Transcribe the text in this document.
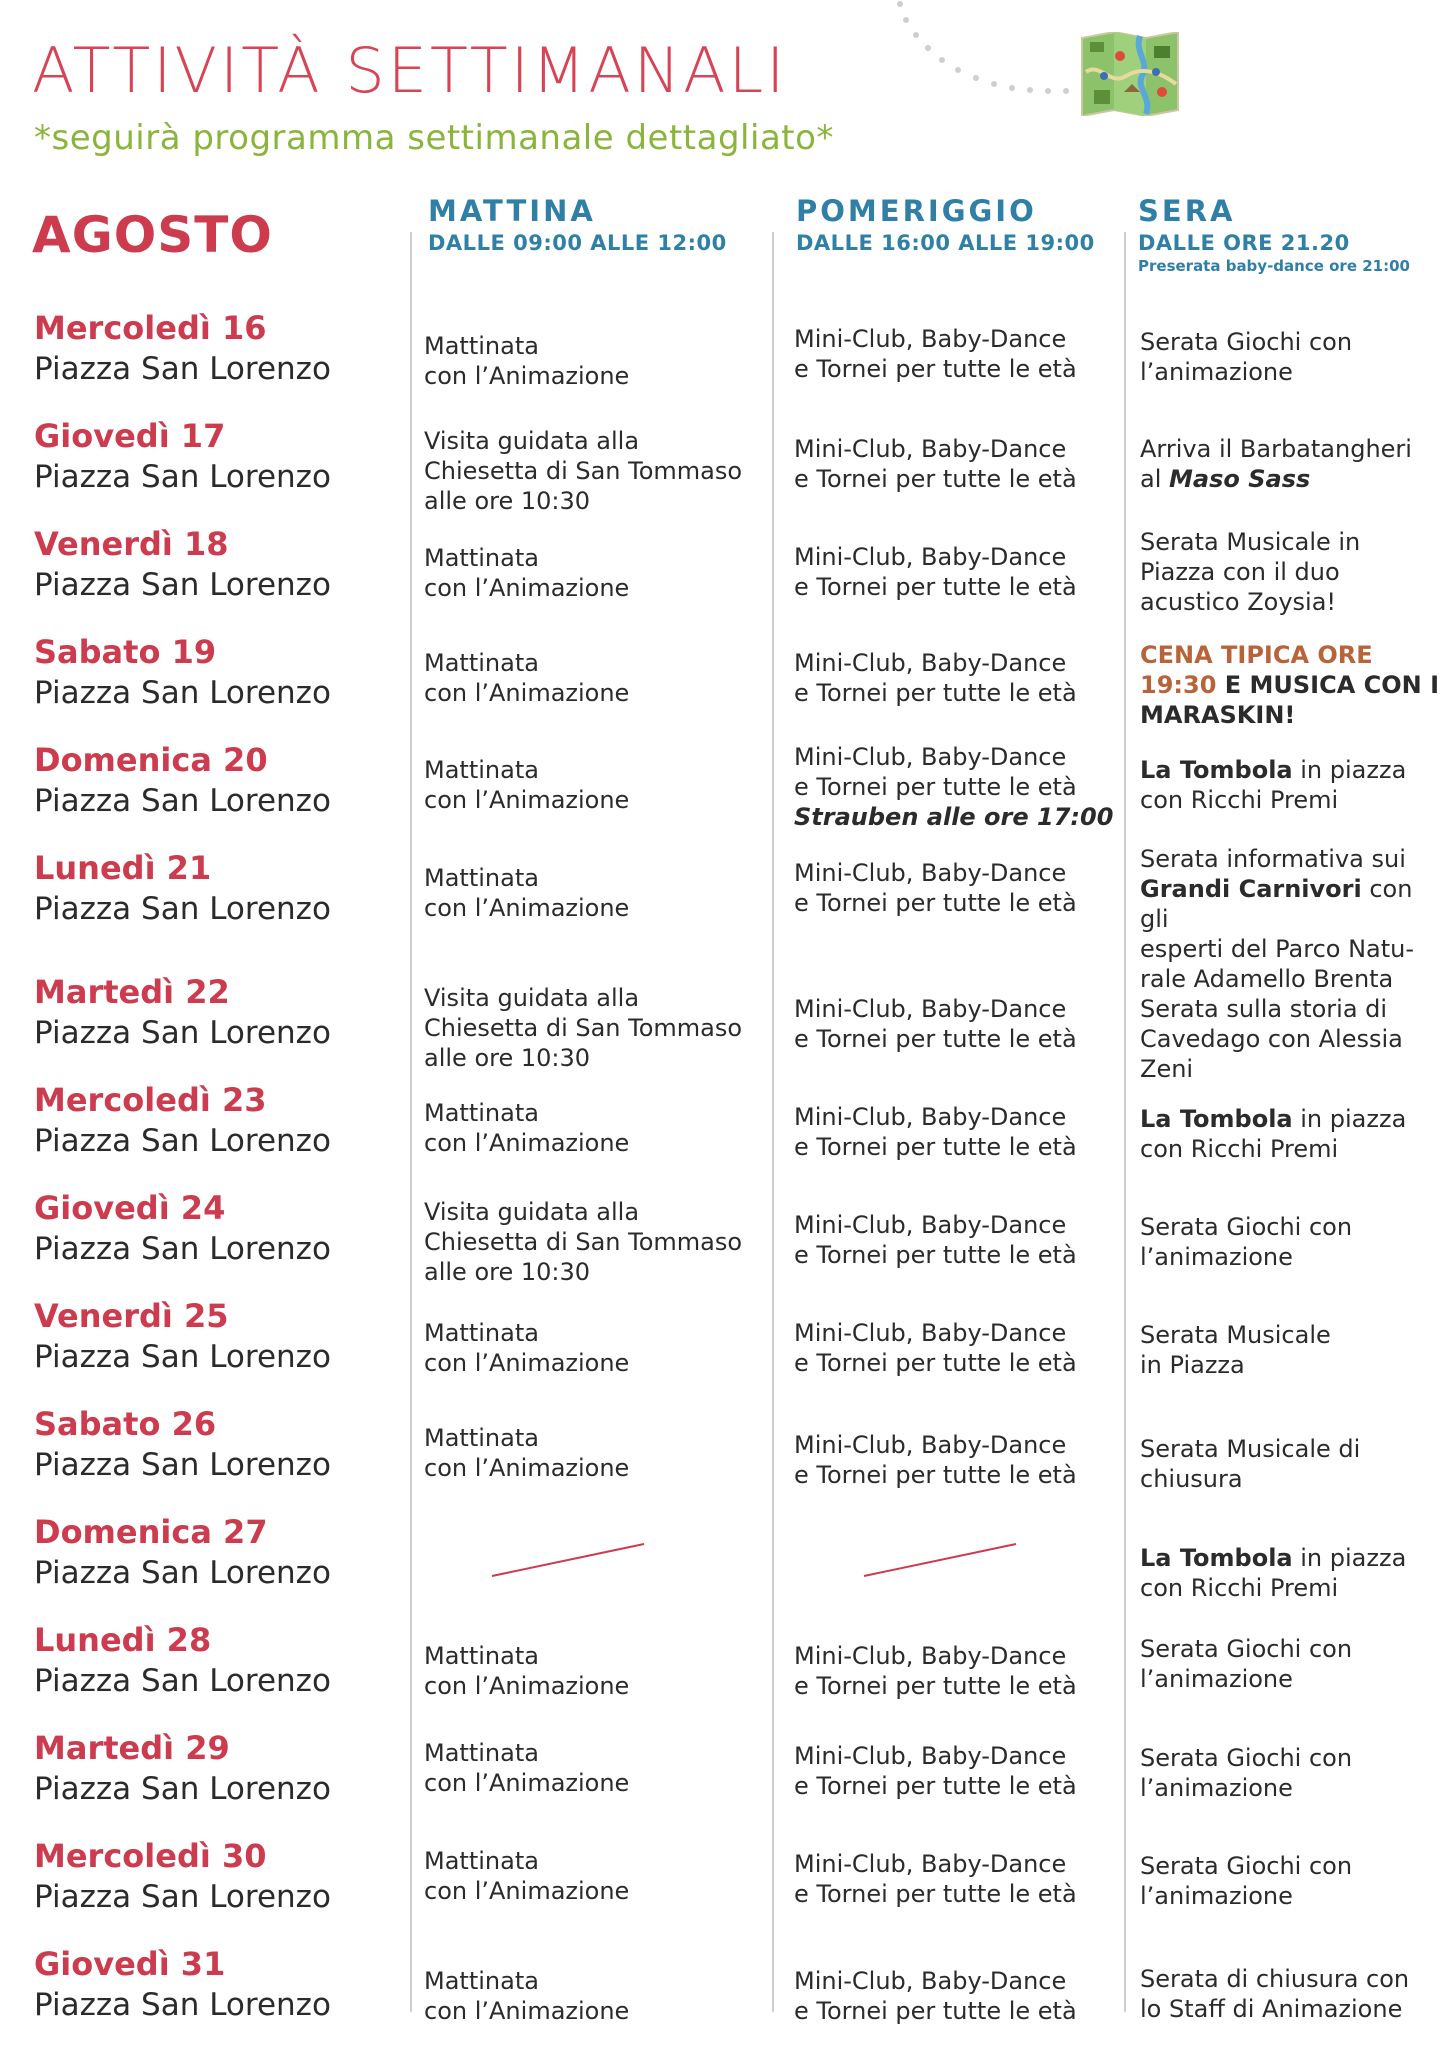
ATTIVITÀ SETTIMANALI
*seguirà programma settimanale dettagliato*
AGOSTO	MATTINA
DALLE 09:00 ALLE 12:00
POMERIGGIO
DALLE 16:00 ALLE 19:00
SERA
DALLE ORE 21.20
Preserata baby-dance ore 21:00
Mercoledì 16
Piazza San Lorenzo
Mattinata
con l’Animazione
Mini-Club, Baby-Dance
e Tornei per tutte le età
Serata Giochi con
l’animazione
Giovedì 17
Piazza San Lorenzo
Visita guidata alla
Chiesetta di San Tommaso
alle ore 10:30
Mini-Club, Baby-Dance
e Tornei per tutte le età
Arriva il Barbatangheri
al Maso Sass
Venerdì 18
Piazza San Lorenzo
Mattinata
con l’Animazione
Mini-Club, Baby-Dance
e Tornei per tutte le età
Serata Musicale in
Piazza con il duo
acustico Zoysia!
Sabato 19
Piazza San Lorenzo
Mattinata
con l’Animazione
Mini-Club, Baby-Dance
e Tornei per tutte le età
CENA TIPICA ORE
19:30 E MUSICA CON I
MARASKIN!
Domenica 20
Piazza San Lorenzo
Mattinata
con l’Animazione
Mini-Club, Baby-Dance
e Tornei per tutte le età
Strauben alle ore 17:00
La Tombola in piazza
con Ricchi Premi
Lunedì 21
Piazza San Lorenzo
Mattinata
con l’Animazione
Mini-Club, Baby-Dance
e Tornei per tutte le età
Serata informativa sui
Grandi Carnivori con gli
esperti del Parco Natu-
rale Adamello Brenta
Martedì 22
Piazza San Lorenzo
Visita guidata alla
Chiesetta di San Tommaso
alle ore 10:30
Mini-Club, Baby-Dance
e Tornei per tutte le età
Serata sulla storia di
Cavedago con Alessia
Zeni
Mercoledì 23
Piazza San Lorenzo
Mattinata
con l’Animazione
Mini-Club, Baby-Dance
e Tornei per tutte le età
La Tombola in piazza
con Ricchi Premi
Giovedì 24
Piazza San Lorenzo
Visita guidata alla
Chiesetta di San Tommaso
alle ore 10:30
Mini-Club, Baby-Dance
e Tornei per tutte le età
Serata Giochi con
l’animazione
Venerdì 25
Piazza San Lorenzo
Mattinata
con l’Animazione
Mini-Club, Baby-Dance
e Tornei per tutte le età
Serata Musicale
in Piazza
Sabato 26
Piazza San Lorenzo
Mattinata
con l’Animazione
Mini-Club, Baby-Dance
e Tornei per tutte le età
Serata Musicale di
chiusura
Domenica 27
Piazza San Lorenzo	La Tombola in piazza
con Ricchi Premi
Lunedì 28
Piazza San Lorenzo
Mattinata
con l’Animazione
Mini-Club, Baby-Dance
e Tornei per tutte le età
Serata Giochi con
l’animazione
Martedì 29
Piazza San Lorenzo
Mattinata
con l’Animazione
Mini-Club, Baby-Dance
e Tornei per tutte le età
Serata Giochi con
l’animazione
Mercoledì 30
Piazza San Lorenzo
Mattinata
con l’Animazione
Mini-Club, Baby-Dance
e Tornei per tutte le età
Serata Giochi con
l’animazione
Giovedì 31
Piazza San Lorenzo
Mattinata
con l’Animazione
Mini-Club, Baby-Dance
e Tornei per tutte le età
Serata di chiusura con
lo Staff di Animazione
